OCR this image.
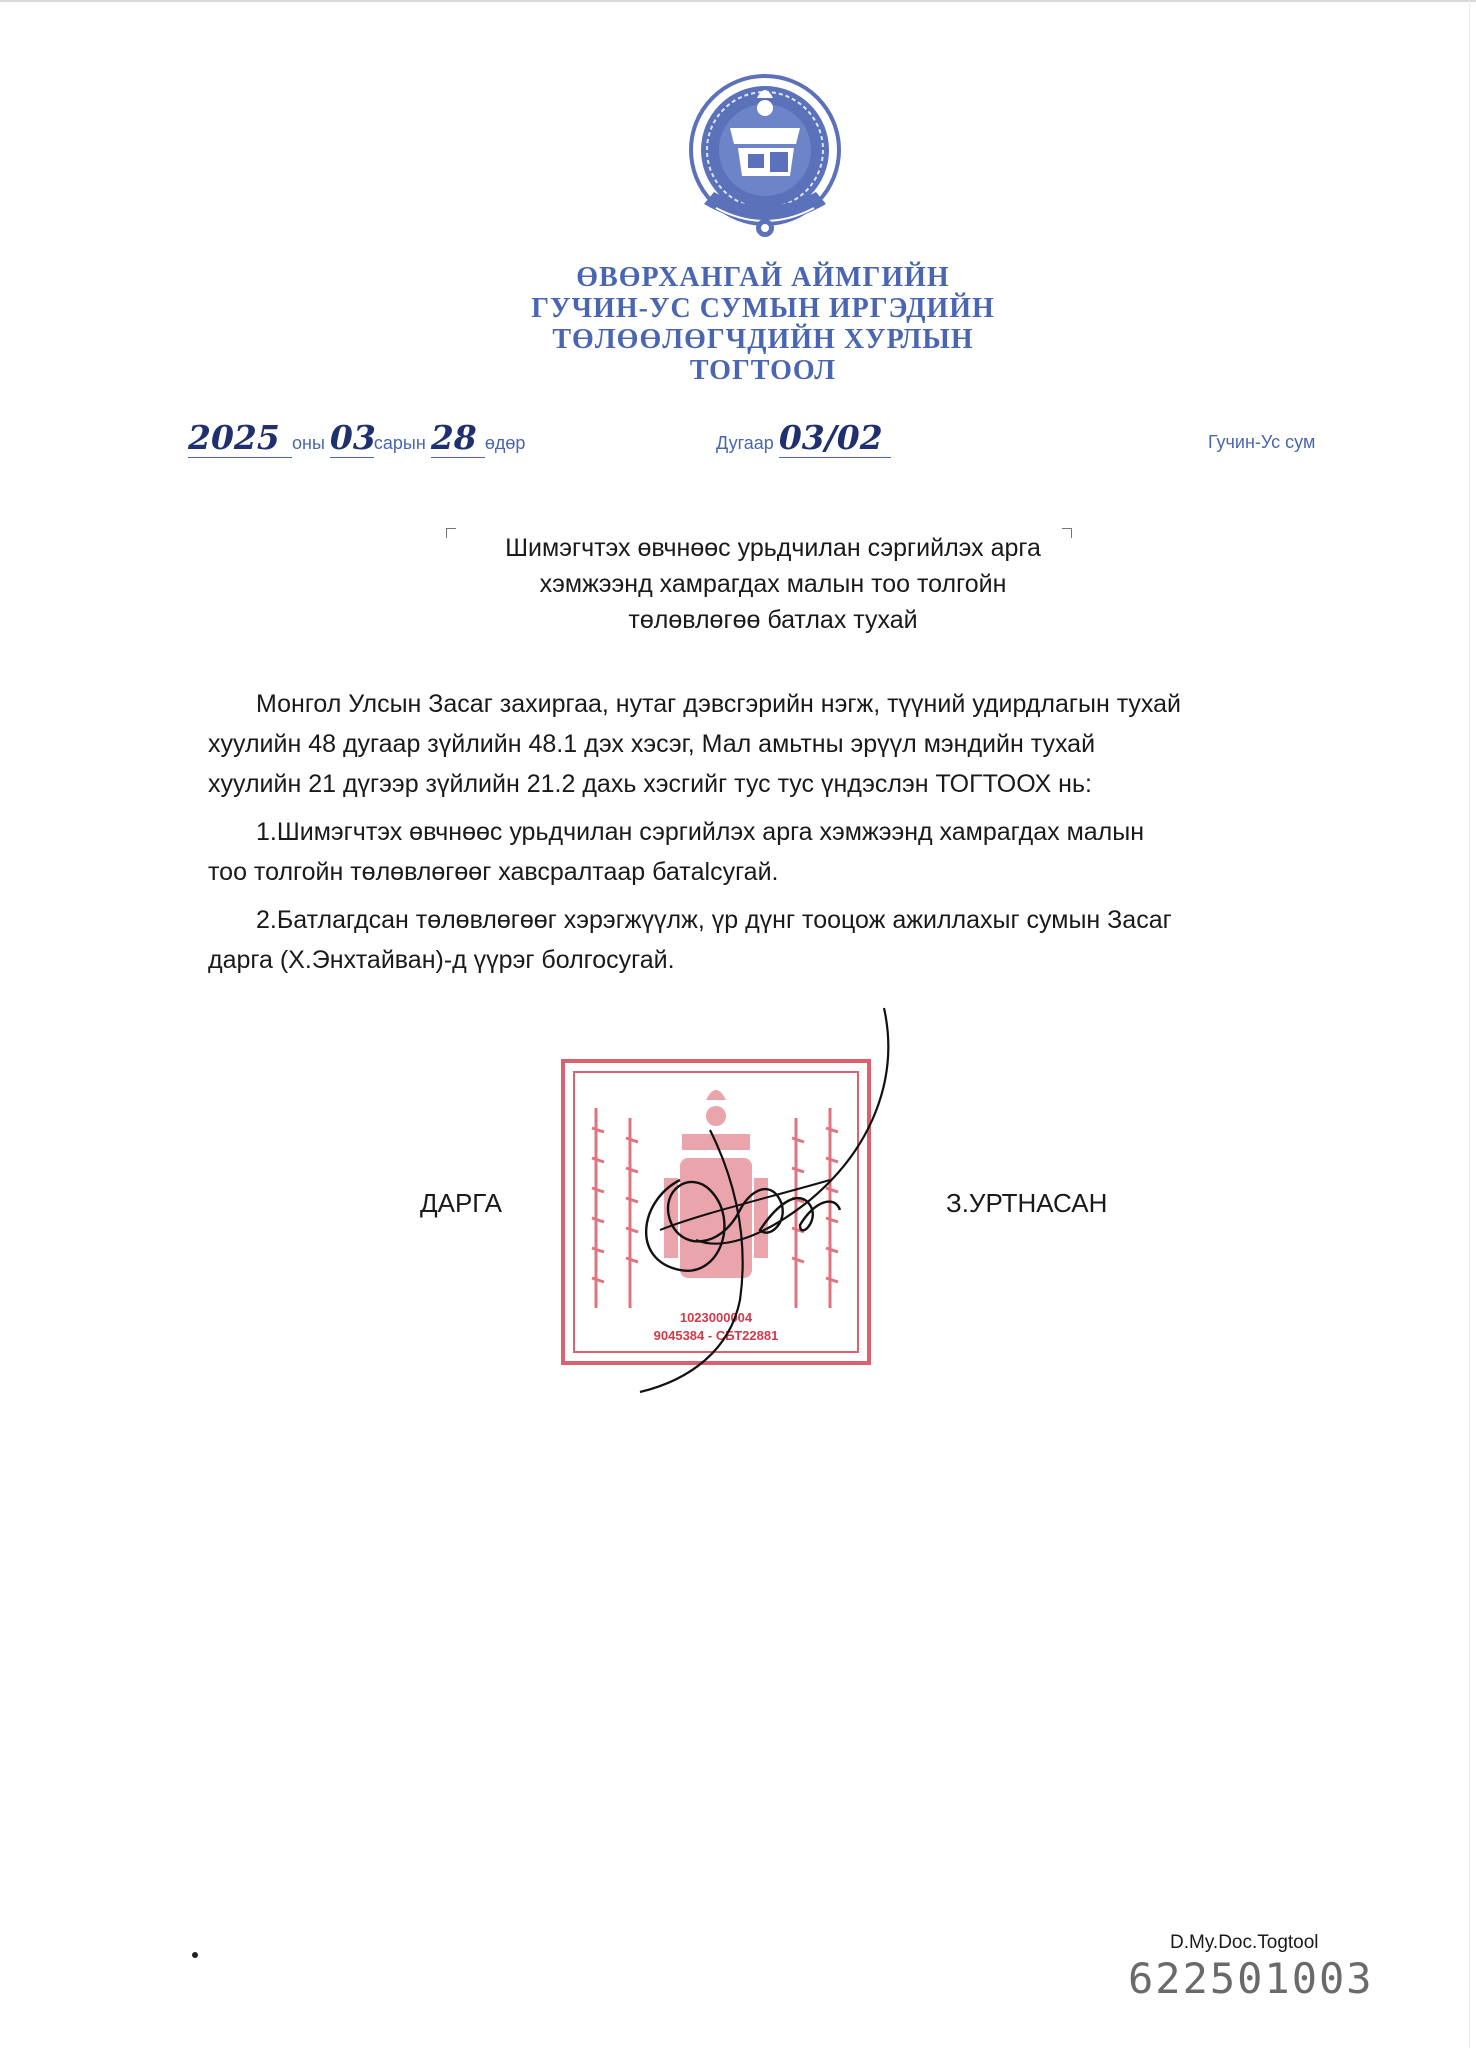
ӨВӨРХАНГАЙ АЙМГИЙН
ГУЧИН-УС СУМЫН ИРГЭДИЙН
ТӨЛӨӨЛӨГЧДИЙН ХУРЛЫН
ТОГТООЛ
2025 оны 03сарын 28 өдөр	Дугаар 03/02	Гучин-Ус сум
Шимэгчтэх өвчнөөс урьдчилан сэргийлэх арга
хэмжээнд хамрагдах малын тоо толгойн
төлөвлөгөө батлах тухай

Монгол Улсын Засаг захиргаа, нутаг дэвсгэрийн нэгж, түүний удирдлагын тухай
хуулийн 48 дугаар зүйлийн 48.1 дэх хэсэг, Мал амьтны эрүүл мэндийн тухай
хуулийн 21 дүгээр зүйлийн 21.2 дахь хэсгийг тус тус үндэслэн ТОГТООХ нь:

1.Шимэгчтэх өвчнөөс урьдчилан сэргийлэх арга хэмжээнд хамрагдах малын
тоо толгойн төлөвлөгөөг хавсралтаар батalсугай.

2.Батлагдсан төлөвлөгөөг хэрэгжүүлж, үр дүнг тооцож ажиллахыг сумын Засаг
дарга (Х.Энхтайван)-д үүрэг болгосугай.

ДАРГА	З.УРТНАСАН
1023000004
9045384 - СБТ22881
D.My.Doc.Togtool
622501003
